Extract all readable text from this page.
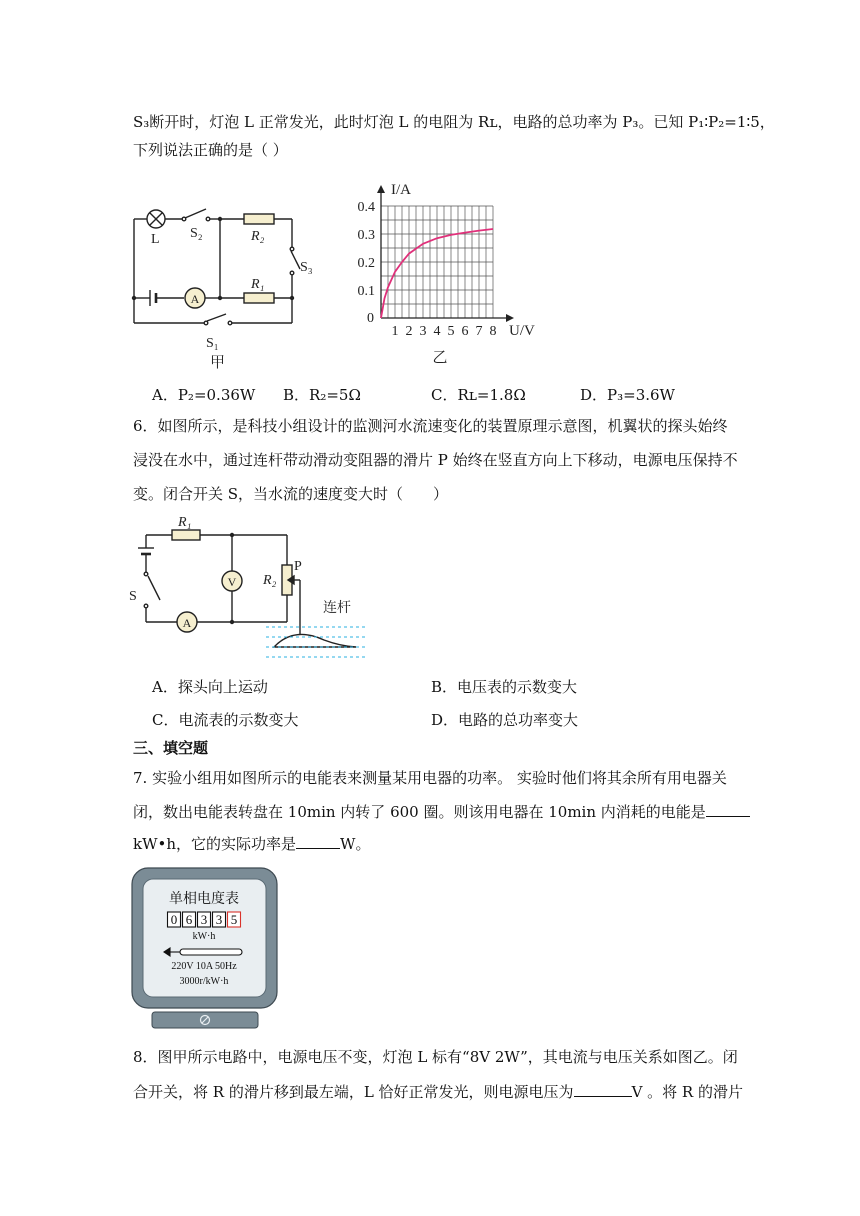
S₃断开时，灯泡 L 正常发光，此时灯泡 L 的电阻为 Rʟ，电路的总功率为 P₃。已知 P₁∶P₂=1∶5，
下列说法正确的是（ ）
L S₂	R₂
S₃
R₁
A
S₁
甲
1 2 3 4 5 6 7 8
0.1
0.2
0.3
0.4
I/A
U/V
0
乙
A．P₂=0.36W B．R₂=5Ω	C．Rʟ=1.8Ω	D．P₃=3.6W
6．如图所示，是科技小组设计的监测河水流速变化的装置原理示意图，机翼状的探头始终
浸没在水中，通过连杆带动滑动变阻器的滑片 P 始终在竖直方向上下移动，电源电压保持不
变。闭合开关 S，当水流的速度变大时（　　）
R₁
V R₂
P
S
A
连杆
A．探头向上运动	B．电压表的示数变大
C．电流表的示数变大	D．电路的总功率变大
三、填空题
7. 实验小组用如图所示的电能表来测量某用电器的功率。 实验时他们将其余所有用电器关
闭，数出电能表转盘在 10min 内转了 600 圈。则该用电器在 10min 内消耗的电能是
kW•h，它的实际功率是	W。
单相电度表
0 6 3 3 5
kW·h
220V 10A 50Hz
3000r/kW·h
8．图甲所示电路中，电源电压不变，灯泡 L 标有“8V 2W”，其电流与电压关系如图乙。闭
合开关，将 R 的滑片移到最左端，L 恰好正常发光，则电源电压为	V 。将 R 的滑片
